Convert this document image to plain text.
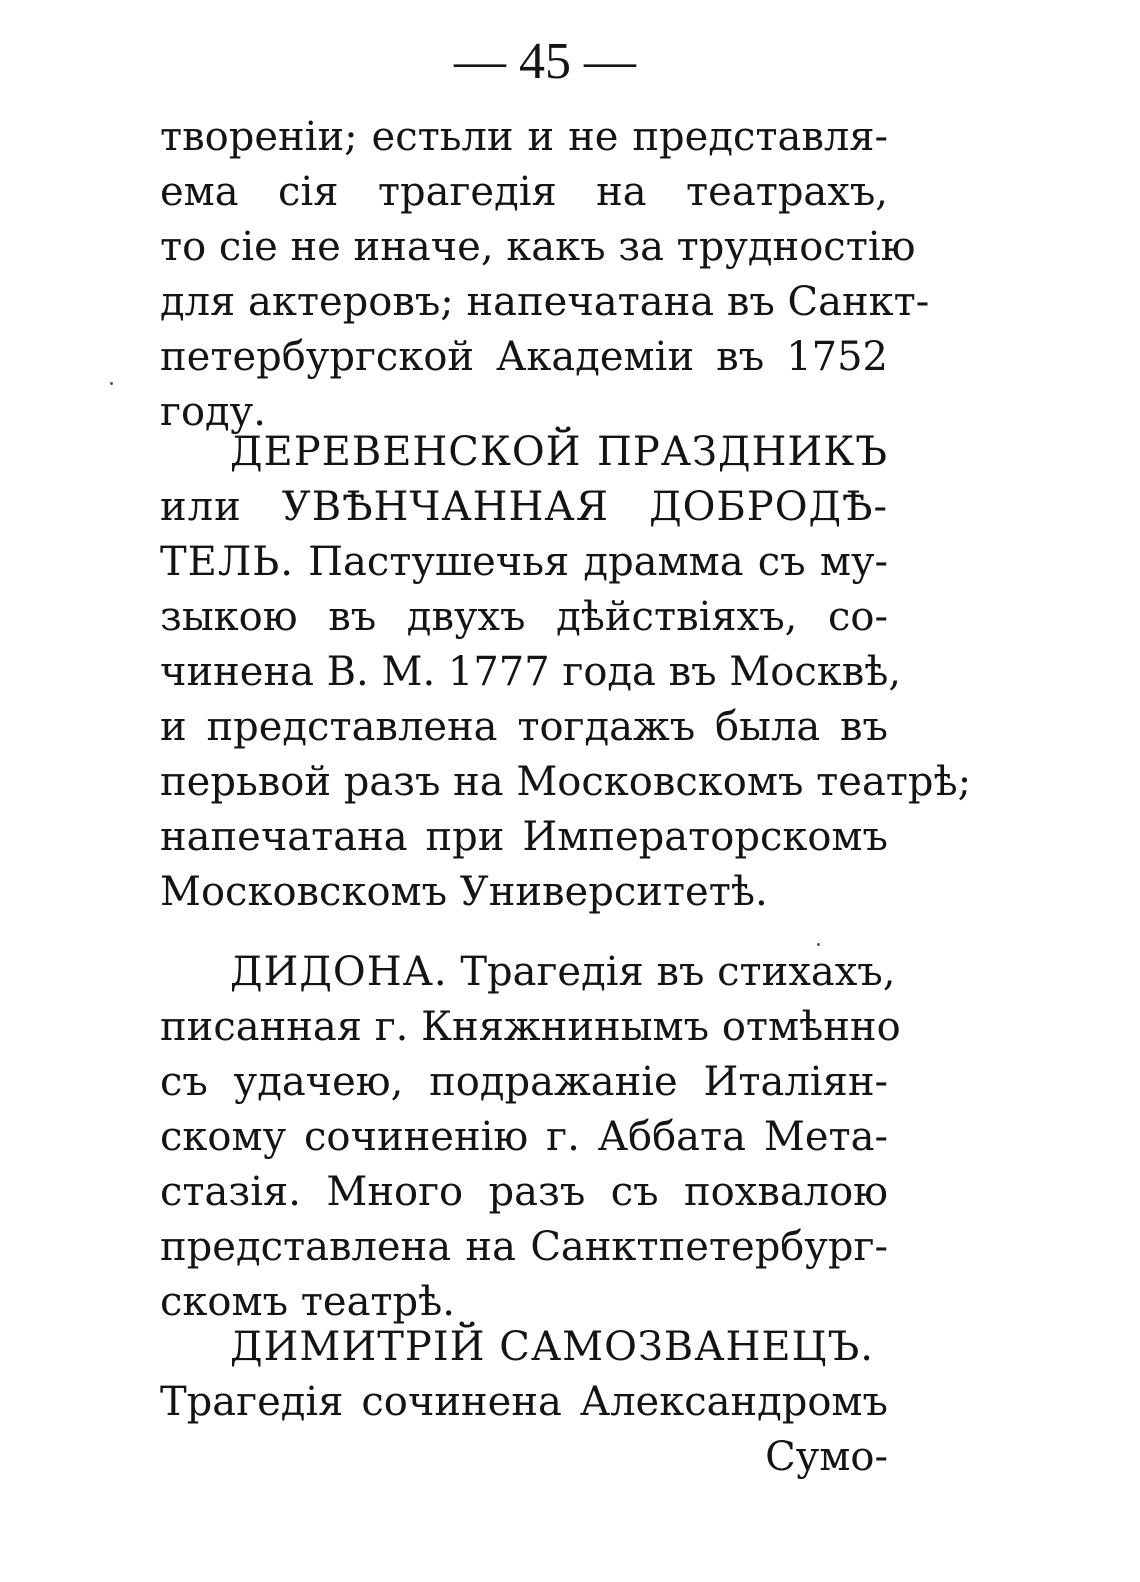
— 45 —
творенiи; естьли и не представля-
ема сiя трагедiя на театрахъ,
то сiе не иначе, какъ за трудностiю
для актеровъ; напечатана въ Санкт-
петербургской Академiи въ 1752
году.
ДЕРЕВЕНСКОЙ ПРАЗДНИКЪ
или УВѢНЧАННАЯ ДОБРОДѢ-
ТЕЛЬ. Пастушечья драмма съ му-
зыкою въ двухъ дѣйствiяхъ, со-
чинена В. М. 1777 года въ Москвѣ,
и представлена тогдажъ была въ
перьвой разъ на Московскомъ театрѣ;
напечатана при Императорскомъ
Московскомъ Университетѣ.
ДИДОНА. Трагедiя въ стихахъ,
писанная г. Княжнинымъ отмѣнно
съ удачею, подражанiе Италiян-
скому сочиненiю г. Аббата Мета-
стазiя. Много разъ съ похвалою
представлена на Санктпетербург-
скомъ театрѣ.
ДИМИТРIЙ САМОЗВАНЕЦЪ.
Трагедiя сочинена Александромъ
Сумо-
